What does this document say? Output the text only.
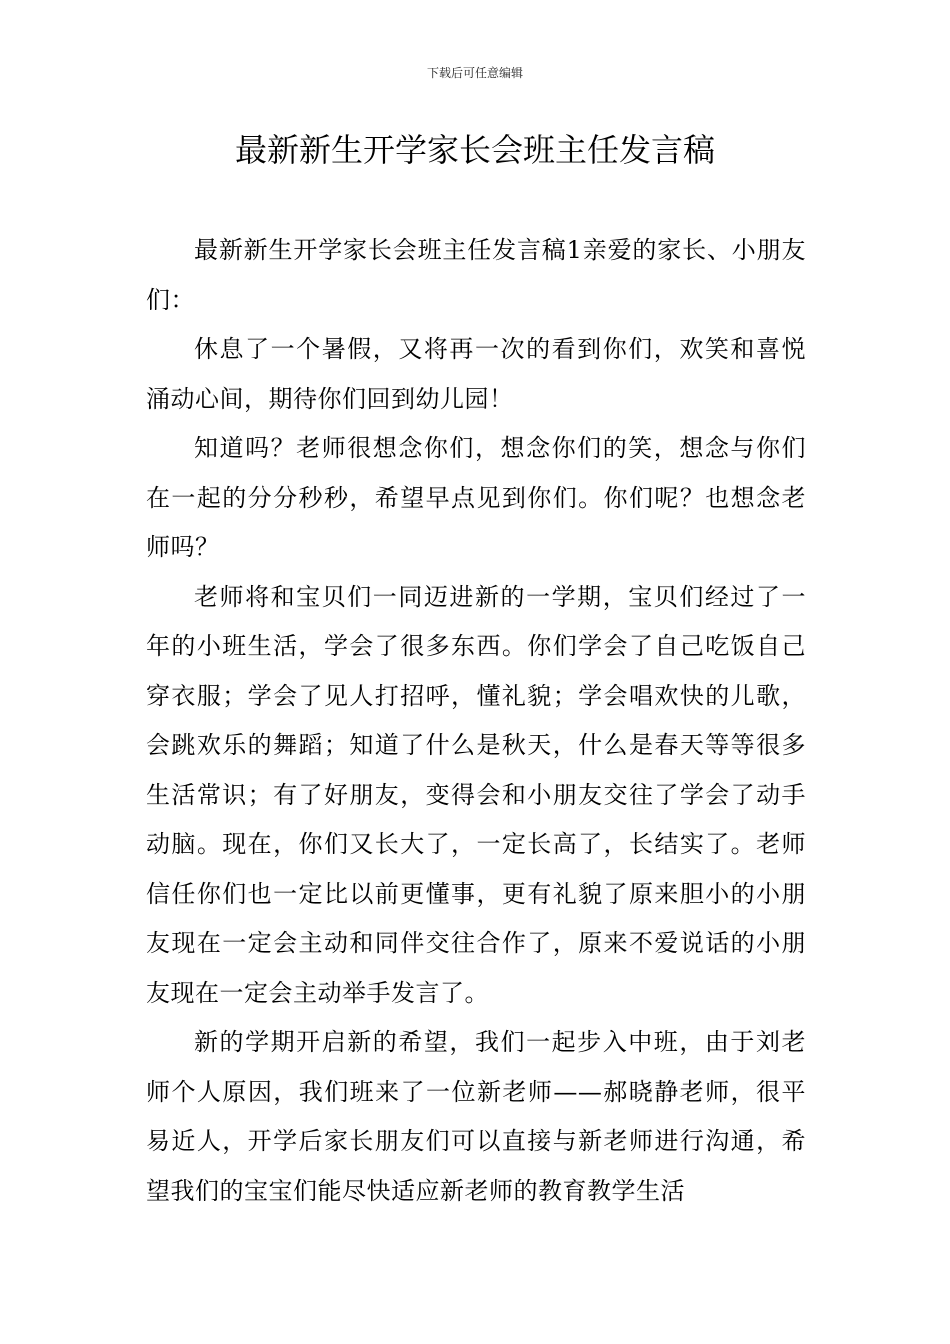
下载后可任意编辑
最新新生开学家长会班主任发言稿

最新新生开学家长会班主任发言稿1亲爱的家长、小朋友们：

休息了一个暑假，又将再一次的看到你们，欢笑和喜悦涌动心间，期待你们回到幼儿园！

知道吗？老师很想念你们，想念你们的笑，想念与你们在一起的分分秒秒，希望早点见到你们。你们呢？也想念老师吗？

老师将和宝贝们一同迈进新的一学期，宝贝们经过了一年的小班生活，学会了很多东西。你们学会了自己吃饭自己穿衣服；学会了见人打招呼，懂礼貌；学会唱欢快的儿歌，会跳欢乐的舞蹈；知道了什么是秋天，什么是春天等等很多生活常识；有了好朋友，变得会和小朋友交往了学会了动手动脑。现在，你们又长大了，一定长高了，长结实了。老师信任你们也一定比以前更懂事，更有礼貌了原来胆小的小朋友现在一定会主动和同伴交往合作了，原来不爱说话的小朋友现在一定会主动举手发言了。

新的学期开启新的希望，我们一起步入中班，由于刘老师个人原因，我们班来了一位新老师——郝晓静老师，很平易近人，开学后家长朋友们可以直接与新老师进行沟通，希望我们的宝宝们能尽快适应新老师的教育教学生活
